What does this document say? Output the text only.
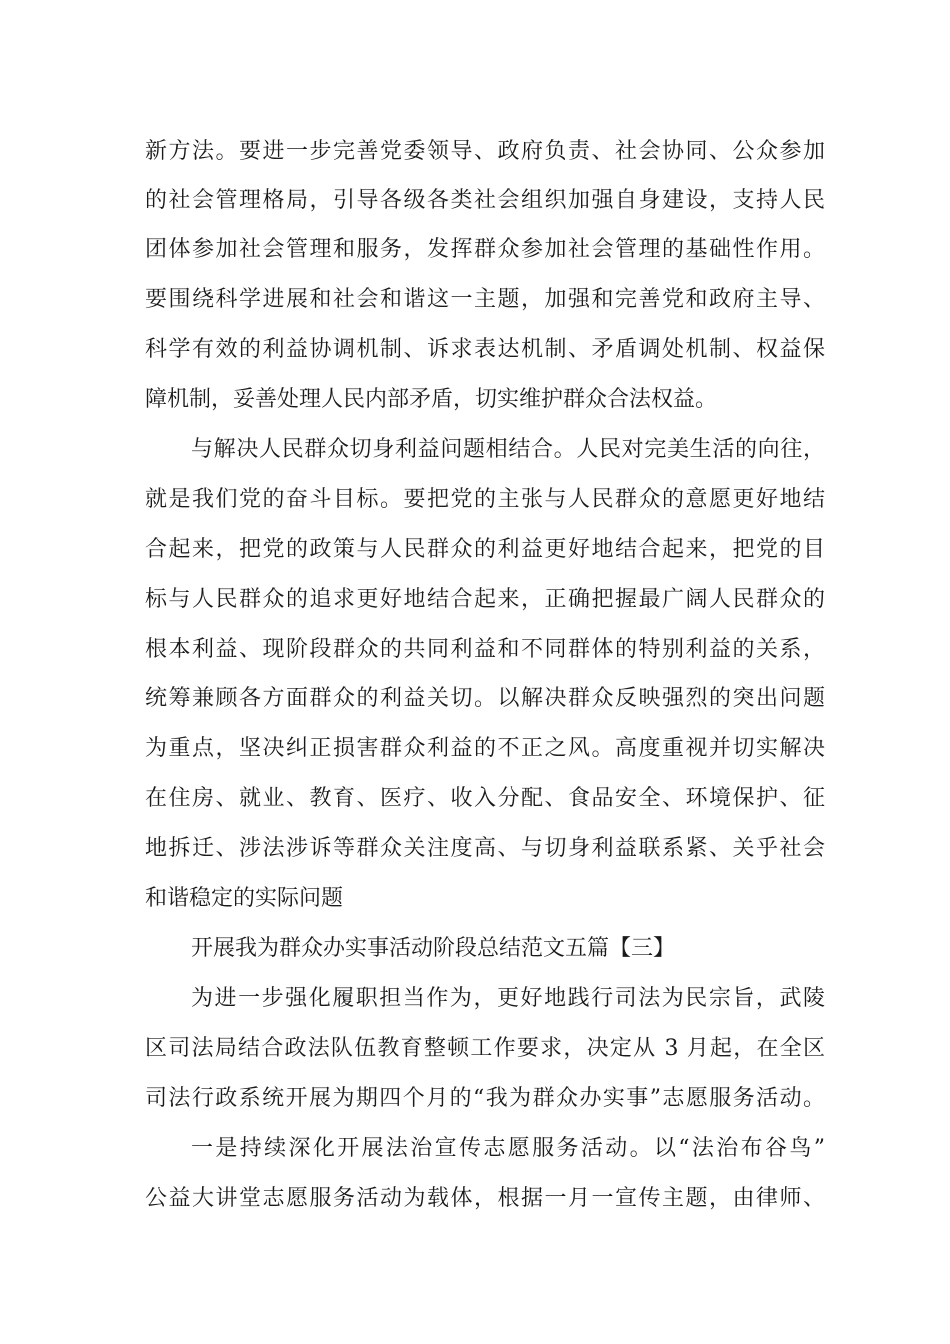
新方法。要进一步完善党委领导、政府负责、社会协同、公众参加
的社会管理格局，引导各级各类社会组织加强自身建设，支持人民
团体参加社会管理和服务，发挥群众参加社会管理的基础性作用。
要围绕科学进展和社会和谐这一主题，加强和完善党和政府主导、
科学有效的利益协调机制、诉求表达机制、矛盾调处机制、权益保
障机制，妥善处理人民内部矛盾，切实维护群众合法权益。
与解决人民群众切身利益问题相结合。人民对完美生活的向往，
就是我们党的奋斗目标。要把党的主张与人民群众的意愿更好地结
合起来，把党的政策与人民群众的利益更好地结合起来，把党的目
标与人民群众的追求更好地结合起来，正确把握最广阔人民群众的
根本利益、现阶段群众的共同利益和不同群体的特别利益的关系，
统筹兼顾各方面群众的利益关切。以解决群众反映强烈的突出问题
为重点，坚决纠正损害群众利益的不正之风。高度重视并切实解决
在住房、就业、教育、医疗、收入分配、食品安全、环境保护、征
地拆迁、涉法涉诉等群众关注度高、与切身利益联系紧、关乎社会
和谐稳定的实际问题
开展我为群众办实事活动阶段总结范文五篇【三】
为进一步强化履职担当作为，更好地践行司法为民宗旨，武陵
区司法局结合政法队伍教育整顿工作要求，决定从 3 月起，在全区
司法行政系统开展为期四个月的“我为群众办实事”志愿服务活动。
一是持续深化开展法治宣传志愿服务活动。以“法治布谷鸟”
公益大讲堂志愿服务活动为载体，根据一月一宣传主题，由律师、
